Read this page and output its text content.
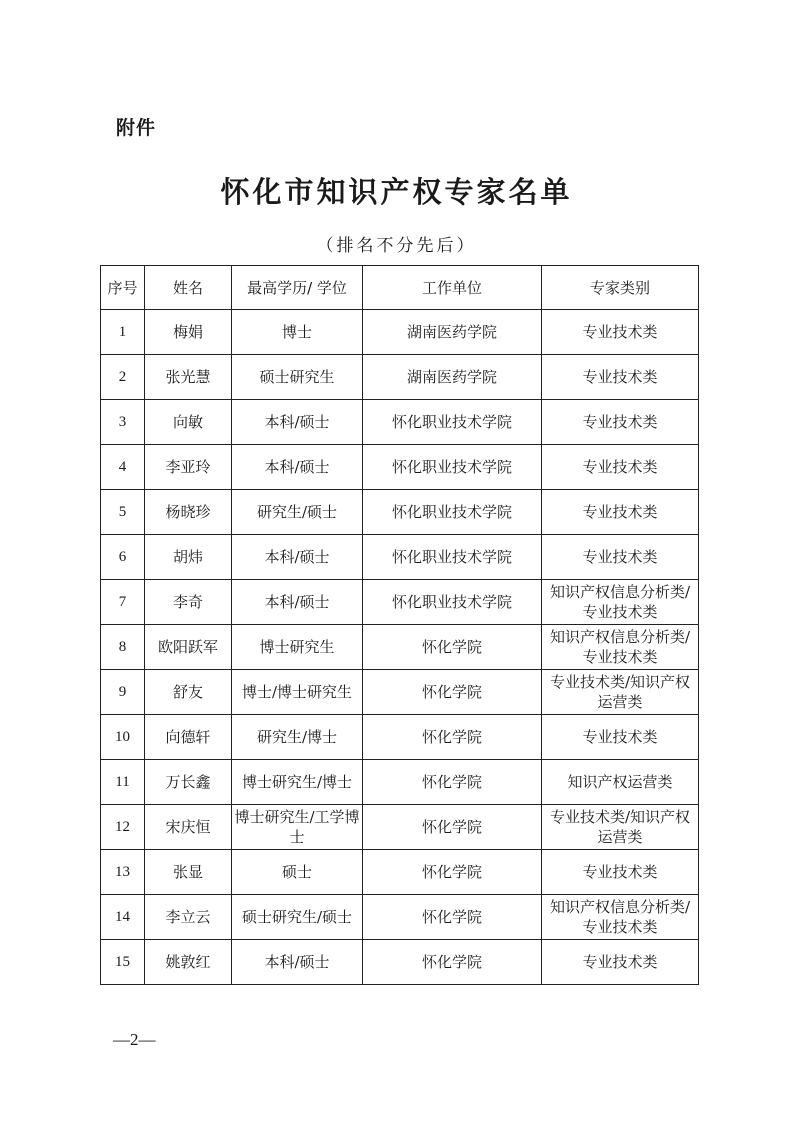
附件
怀化市知识产权专家名单
（排名不分先后）
序号	姓名	最高学历/ 学位	工作单位	专家类别
1	梅娟	博士	湖南医药学院	专业技术类
2	张光慧	硕士研究生	湖南医药学院	专业技术类
3	向敏	本科/硕士	怀化职业技术学院	专业技术类
4	李亚玲	本科/硕士	怀化职业技术学院	专业技术类
5	杨晓珍	研究生/硕士	怀化职业技术学院	专业技术类
6	胡炜	本科/硕士	怀化职业技术学院	专业技术类
7	李奇	本科/硕士	怀化职业技术学院	知识产权信息分析类/专业技术类
8	欧阳跃军	博士研究生	怀化学院	知识产权信息分析类/专业技术类
9	舒友	博士/博士研究生	怀化学院	专业技术类/知识产权运营类
10	向德轩	研究生/博士	怀化学院	专业技术类
11	万长鑫	博士研究生/博士	怀化学院	知识产权运营类
12	宋庆恒	博士研究生/工学博士	怀化学院	专业技术类/知识产权运营类
13	张显	硕士	怀化学院	专业技术类
14	李立云	硕士研究生/硕士	怀化学院	知识产权信息分析类/专业技术类
15	姚敦红	本科/硕士	怀化学院	专业技术类
—2—
